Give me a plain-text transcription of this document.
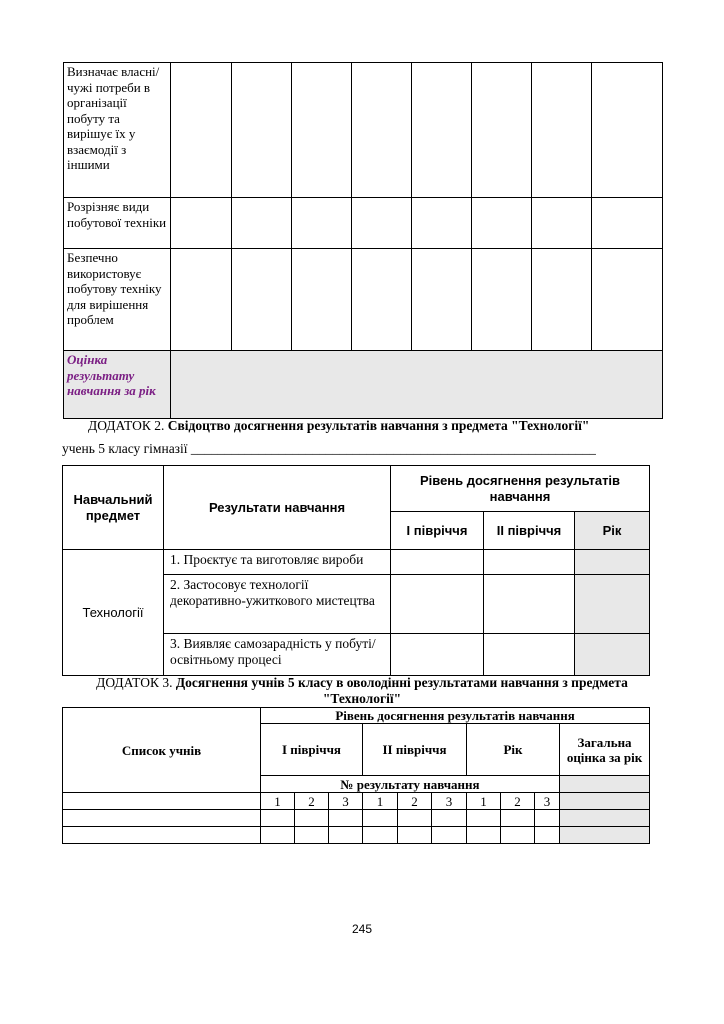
Визначає власні/чужі потреби в організації побуту та вирішує їх у взаємодії з іншими								
Розрізняє види побутової техніки								
Безпечно використовує побутову техніку для вирішення проблем								
Оцінка результату навчання за рік								
ДОДАТОК 2. Свідоцтво досягнення результатів навчання з предмета "Технології"
учень 5 класу гімназії ____________________________________________________________
Навчальний предмет	Результати навчання	Рівень досягнення результатів навчання		
		І півріччя	ІІ півріччя	Рік
Технології	1. Проєктує та виготовляє вироби			
	2. Застосовує технології декоративно-ужиткового мистецтва			
	3. Виявляє самозарадність у побуті/освітньому процесі			
ДОДАТОК 3. Досягнення учнів 5 класу в оволодінні результатами навчання з предмета "Технології"
Список учнів	Рівень досягнення результатів навчання									
	І півріччя			ІІ півріччя			Рік			Загальна оцінка за рік
	№ результату навчання									
	1	2	3	1	2	3	1	2	3	

245
